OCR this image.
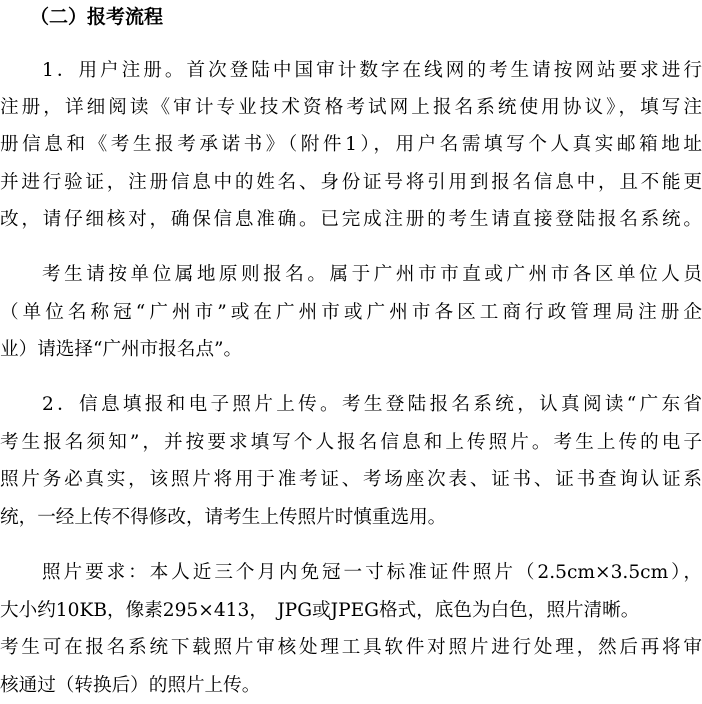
（二）报考流程
1．用户注册。首次登陆中国审计数字在线网的考生请按网站要求进行
注册，详细阅读《审计专业技术资格考试网上报名系统使用协议》，填写注
册信息和《考生报考承诺书》（附件1），用户名需填写个人真实邮箱地址
并进行验证，注册信息中的姓名、身份证号将引用到报名信息中，且不能更
改，请仔细核对，确保信息准确。已完成注册的考生请直接登陆报名系统。
考生请按单位属地原则报名。属于广州市市直或广州市各区单位人员
（单位名称冠“广州市”或在广州市或广州市各区工商行政管理局注册企
业）请选择“广州市报名点”。
2．信息填报和电子照片上传。考生登陆报名系统，认真阅读“广东省
考生报名须知”，并按要求填写个人报名信息和上传照片。考生上传的电子
照片务必真实，该照片将用于准考证、考场座次表、证书、证书查询认证系
统，一经上传不得修改，请考生上传照片时慎重选用。
照片要求：本人近三个月内免冠一寸标准证件照片（2.5cm×3.5cm），
大小约10KB，像素295×413，　JPG或JPEG格式，底色为白色，照片清晰。
考生可在报名系统下载照片审核处理工具软件对照片进行处理，然后再将审
核通过（转换后）的照片上传。
